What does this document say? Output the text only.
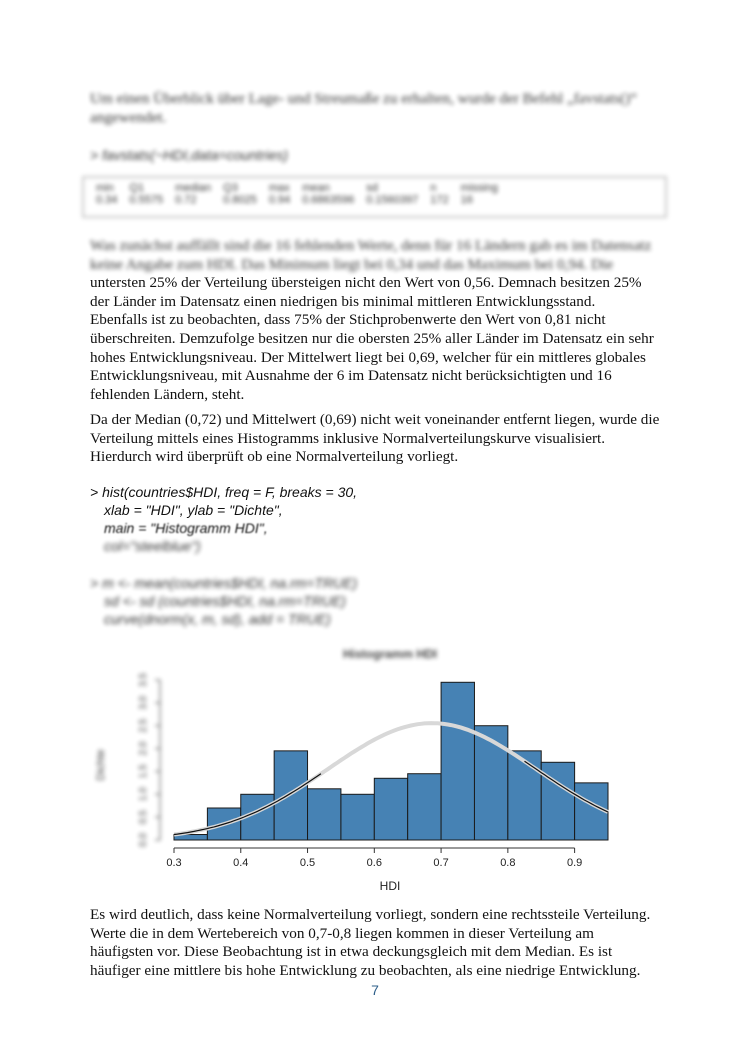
Um einen Überblick über Lage- und Streumaße zu erhalten, wurde der Befehl „favstats()“
angewendet.
> favstats(~HDI,data=countries)
min	Q1	median	Q3	max	mean	sd	n	missing
0.34	0.5575	0.72	0.8025	0.94	0.6863596	0.1560397	172	16
Was zunächst auffällt sind die 16 fehlenden Werte, denn für 16 Ländern gab es im Datensatz
keine Angabe zum HDI. Das Minimum liegt bei 0,34 und das Maximum bei 0,94. Die
untersten 25% der Verteilung übersteigen nicht den Wert von 0,56. Demnach besitzen 25%
der Länder im Datensatz einen niedrigen bis minimal mittleren Entwicklungsstand.
Ebenfalls ist zu beobachten, dass 75% der Stichprobenwerte den Wert von 0,81 nicht
überschreiten. Demzufolge besitzen nur die obersten 25% aller Länder im Datensatz ein sehr
hohes Entwicklungsniveau. Der Mittelwert liegt bei 0,69, welcher für ein mittleres globales
Entwicklungsniveau, mit Ausnahme der 6 im Datensatz nicht berücksichtigten und 16
fehlenden Ländern, steht.
Da der Median (0,72) und Mittelwert (0,69) nicht weit voneinander entfernt liegen, wurde die
Verteilung mittels eines Histogramms inklusive Normalverteilungskurve visualisiert.
Hierdurch wird überprüft ob eine Normalverteilung vorliegt.
> hist(countries$HDI, freq = F, breaks = 30,
xlab = "HDI", ylab = "Dichte",
main = "Histogramm HDI",
col="steelblue")
> m <- mean(countries$HDI, na.rm=TRUE)
sd <- sd (countries$HDI, na.rm=TRUE)
curve(dnorm(x, m, sd), add = TRUE)
Histogramm HDI
Dichte
HDI
0.3	0.4	0.5	0.6	0.7	0.8	0.9
0.0
0.5
1.0
1.5
2.0
2.5
3.0
3.5
Es wird deutlich, dass keine Normalverteilung vorliegt, sondern eine rechtssteile Verteilung.
Werte die in dem Wertebereich von 0,7-0,8 liegen kommen in dieser Verteilung am
häufigsten vor. Diese Beobachtung ist in etwa deckungsgleich mit dem Median. Es ist
häufiger eine mittlere bis hohe Entwicklung zu beobachten, als eine niedrige Entwicklung.
7
